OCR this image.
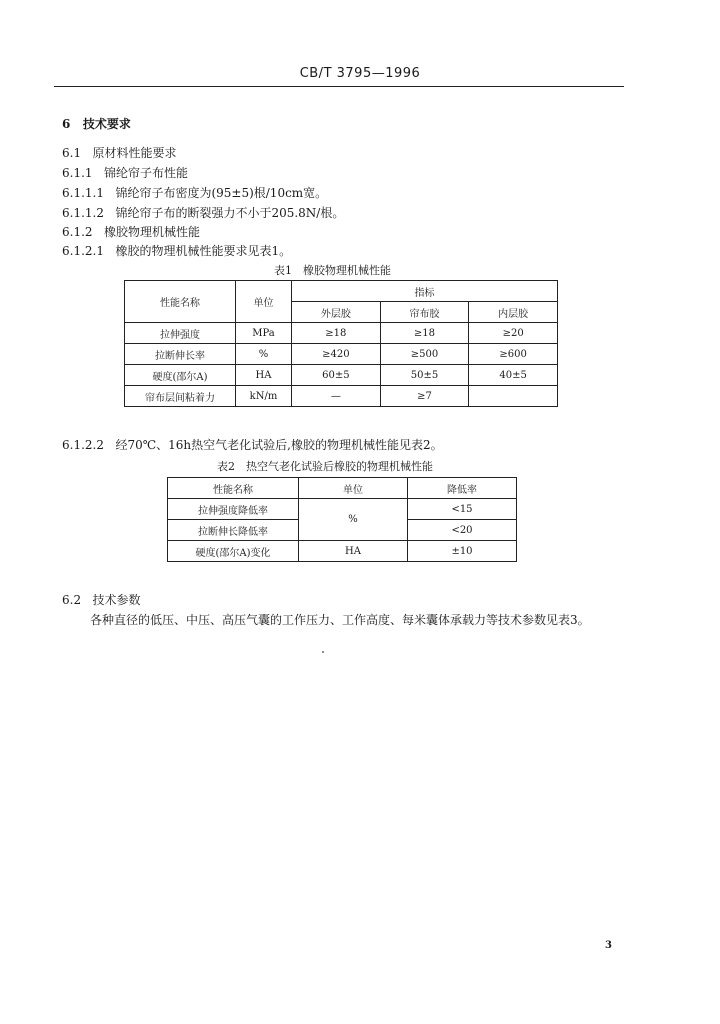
CB/T 3795—1996
6 技术要求
6.1 原材料性能要求
6.1.1 锦纶帘子布性能
6.1.1.1 锦纶帘子布密度为(95±5)根/10cm宽。
6.1.1.2 锦纶帘子布的断裂强力不小于205.8N/根。
6.1.2 橡胶物理机械性能
6.1.2.1 橡胶的物理机械性能要求见表1。
表1　橡胶物理机械性能
性能名称	单位	指标		
		外层胶	帘布胶	内层胶
拉伸强度	MPa	≥18	≥18	≥20
拉断伸长率	%	≥420	≥500	≥600
硬度(邵尔A)	HA	60±5	50±5	40±5
帘布层间粘着力	kN/m	—	≥7	
6.1.2.2 经70℃、16h热空气老化试验后,橡胶的物理机械性能见表2。
表2　热空气老化试验后橡胶的物理机械性能
性能名称	单位	降低率
拉伸强度降低率	%	<15
拉断伸长降低率		<20
硬度(邵尔A)变化	HA	±10
6.2 技术参数
各种直径的低压、中压、高压气囊的工作压力、工作高度、每米囊体承载力等技术参数见表3。
3
